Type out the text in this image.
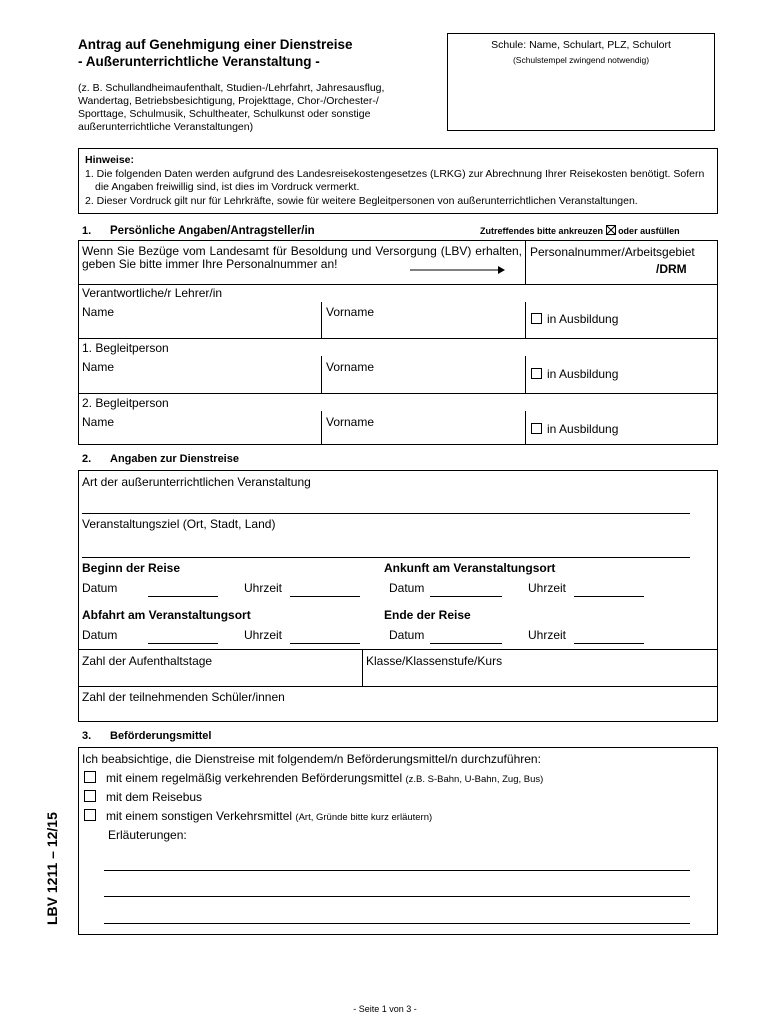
Antrag auf Genehmigung einer Dienstreise
- Außerunterrichtliche Veranstaltung -
(z. B. Schullandheimaufenthalt, Studien-/Lehrfahrt, Jahresausflug, Wandertag, Betriebsbesichtigung, Projekttage, Chor-/Orchester-/ Sporttage, Schulmusik, Schultheater, Schulkunst oder sonstige außerunterrichtliche Veranstaltungen)
Schule: Name, Schulart, PLZ, Schulort
(Schulstempel zwingend notwendig)

Hinweise:

1. Die folgenden Daten werden aufgrund des Landesreisekostengesetzes (LRKG) zur Abrechnung Ihrer Reisekosten benötigt. Sofern die Angaben freiwillig sind, ist dies im Vordruck vermerkt.

2. Dieser Vordruck gilt nur für Lehrkräfte, sowie für weitere Begleitpersonen von außerunterrichtlichen Veranstaltungen.

1. Persönliche Angaben/Antragsteller/in	Zutreffendes bitte ankreuzen ☒ oder ausfüllen
Wenn Sie Bezüge vom Landesamt für Besoldung und Versorgung (LBV) erhalten, geben Sie bitte immer Ihre Personalnummer an!
Personalnummer/Arbeitsgebiet
/DRM
Verantwortliche/r Lehrer/in
Name	Vorname	in Ausbildung
1. Begleitperson
Name	Vorname	in Ausbildung
2. Begleitperson
Name	Vorname	in Ausbildung
2. Angaben zur Dienstreise
Art der außerunterrichtlichen Veranstaltung
Veranstaltungsziel (Ort, Stadt, Land)
Beginn der Reise	Ankunft am Veranstaltungsort
Datum	Uhrzeit	Datum	Uhrzeit
Abfahrt am Veranstaltungsort	Ende der Reise
Datum	Uhrzeit	Datum	Uhrzeit
Zahl der Aufenthaltstage	Klasse/Klassenstufe/Kurs
Zahl der teilnehmenden Schüler/innen
3. Beförderungsmittel
Ich beabsichtige, die Dienstreise mit folgendem/n Beförderungsmittel/n durchzuführen:
mit einem regelmäßig verkehrenden Beförderungsmittel (z.B. S-Bahn, U-Bahn, Zug, Bus)
mit dem Reisebus
mit einem sonstigen Verkehrsmittel (Art, Gründe bitte kurz erläutern)
Erläuterungen:
LBV 1211 – 12/15
- Seite 1 von 3 -
